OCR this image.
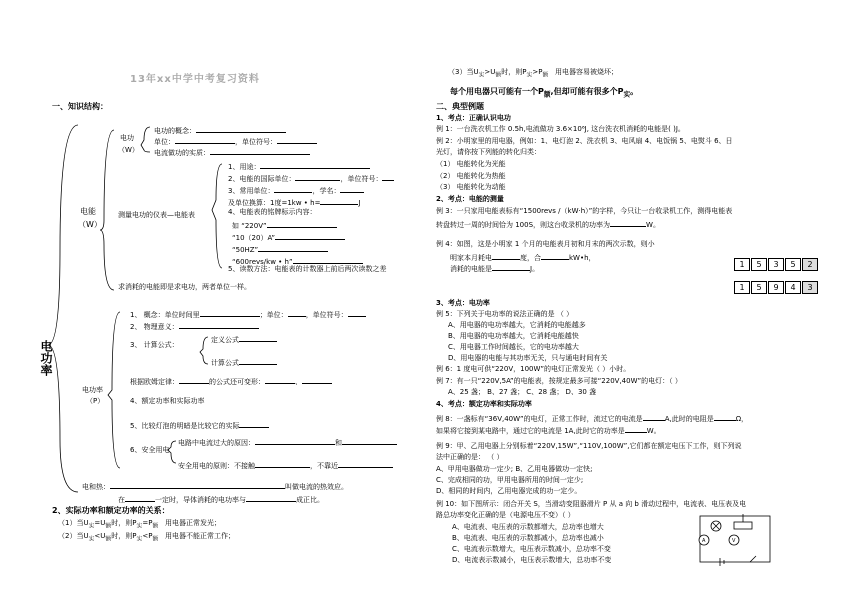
13年xx中学中考复习资料
一、知识结构：
电功率
电能
（W）
电功
（W）
电功的概念：
单位：	，单位符号：
电流做功的实质：
测量电功的仪表—电能表
1、用途：
2、电能的国际单位：	，单位符号：
3、常用单位：	，学名：
及单位换算：1度=1kw • h=	J
4、电能表的铭牌标示内容：
如 “220V”
“10（20）A”
“50HZ”
“600revs/kw • h”
5、读数方法：电能表的计数器上前后两次读数之差
求消耗的电能即是求电功，两者单位一样。
电功率
（P）
1、 概念：单位时间里	；单位：	，单位符号：
2、 物理意义：
3、 计算公式：
定义公式
计算公式
根据欧姆定律：	的公式还可变形：	、
4、额定功率和实际功率
5、比较灯泡的明暗是比较它的实际
6、安全用电
电路中电流过大的原因：	和
安全用电的原则：不接触	，不靠近
电和热：	叫做电流的热效应。
在	一定时，导体消耗的电功率与	成正比。
2、实际功率和额定功率的关系：
（1）当$U_实=U_额$时，则$P_实=P_额$ 用电器正常发光；
（2）当$U_实<U_额$时，则$P_实<P_额$ 用电器不能正常工作；
（3）当$U_实>U_额$时，则$P_实>P_额$ 用电器容易被烧坏；
每个用电器只可能有一个$P_额$,但却可能有很多个$P_实$。
二、典型例题
1、考点：正确认识电功
例 1：一台洗衣机工作 0.5h,电流做功 3.6×10⁶J, 这台洗衣机消耗的电能是( )J。
例 2：小明家里的用电器，例如：1、电灯泡 2、洗衣机 3、电风扇 4、电饭锅 5、电熨斗 6、日
光灯，请你按下列能的转化归类：
（1） 电能转化为光能
（2） 电能转化为热能
（3） 电能转化为动能
2、考点：电能的测量
例 3：一只家用电能表标有“1500revs /（kW·h）”的字样，今只让一台收录机工作，测得电能表
转盘转过一周的时间恰为 100S，则这台收录机的功率为	W。
例 4：如图，这是小明家 1 个月的电能表月初和月末的两次示数，则小
明家本月耗电	度，合	kW•h，
消耗的电能是	J。	1 5 3 5 2
1 5 9 4 3
3、考点：电功率
例 5：下列关于电功率的说法正确的是 （ ）
A、用电器的电功率越大，它消耗的电能越多
B、用电器的电功率越大，它消耗电能越快
C、用电器工作时间越长，它的电功率越大
D、用电器的电能与其功率无关，只与通电时间有关
例 6：1 度电可供“220V，100W”的电灯正常发光（ ）小时。
例 7：有一只“220V,5A”的电能表，按规定最多可接“220V,40W”的电灯：（ ）
A、25 盏； B、27 盏； C、28 盏； D、30 盏
4、考点：额定功率和实际功率
例 8：一盏标有“36V,40W”的电灯，正常工作时，流过它的电流是	A,此时的电阻是	Ω，
如果将它接到某电路中，通过它的电流是 1A,此时它的功率是	W。
例 9：甲、乙用电器上分别标着“220V,15W”,“110V,100W”,它们都在额定电压下工作，则下列说
法中正确的是： （ ）
A、甲用电器做功一定少; B、乙用电器做功一定快;
C、完成相同的功，甲用电器所用的时间一定少;
D、相同的时间内，乙用电器完成的功一定少。
例 10：如下图所示：闭合开关 S，当滑动变阻器滑片 P 从 a 向 b 滑动过程中，电流表、电压表及电
路总功率变化正确的是（电源电压不变）（ ）
A、电流表、电压表的示数都增大，总功率也增大
B、电流表、电压表的示数都减小，总功率也减小
C、电流表示数增大，电压表示数减小，总功率不变
D、电流表示数减小，电压表示数增大，总功率不变
A	V
